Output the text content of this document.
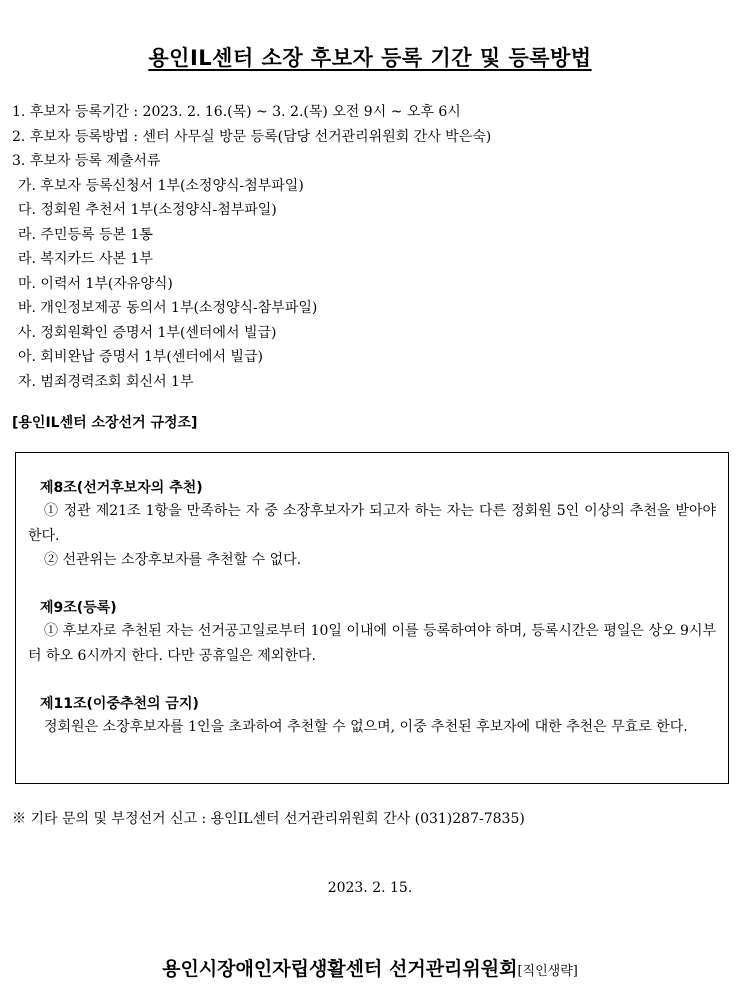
용인IL센터 소장 후보자 등록 기간 및 등록방법
1. 후보자 등록기간 : 2023. 2. 16.(목) ~ 3. 2.(목) 오전 9시 ~ 오후 6시
2. 후보자 등록방법 : 센터 사무실 방문 등록(담당 선거관리위원회 간사 박은숙)
3. 후보자 등록 제출서류
가. 후보자 등록신청서 1부(소정양식-첨부파일)
다. 정회원 추천서 1부(소정양식-첨부파일)
라. 주민등록 등본 1통
라. 복지카드 사본 1부
마. 이력서 1부(자유양식)
바. 개인정보제공 동의서 1부(소정양식-참부파일)
사. 정회원확인 증명서 1부(센터에서 빌급)
아. 회비완납 증명서 1부(센터에서 빌급)
자. 범죄경력조회 회신서 1부
[용인IL센터 소장선거 규정조]
제8조(선거후보자의 추천)
① 정관 제21조 1항을 만족하는 자 중 소장후보자가 되고자 하는 자는 다른 정회원 5인 이상의 추천을 받아야 한다.
② 선관위는 소장후보자를 추천할 수 없다.
제9조(등록)
① 후보자로 추천된 자는 선거공고일로부터 10일 이내에 이를 등록하여야 하며, 등록시간은 평일은 상오 9시부터 하오 6시까지 한다. 다만 공휴일은 제외한다.
제11조(이중추천의 금지)
정회원은 소장후보자를 1인을 초과하여 추천할 수 없으며, 이중 추천된 후보자에 대한 추천은 무효로 한다.
※ 기타 문의 및 부정선거 신고 : 용인IL센터 선거관리위원회 간사 (031)287-7835)
2023. 2. 15.
용인시장애인자립생활센터 선거관리위원회[직인생략]
